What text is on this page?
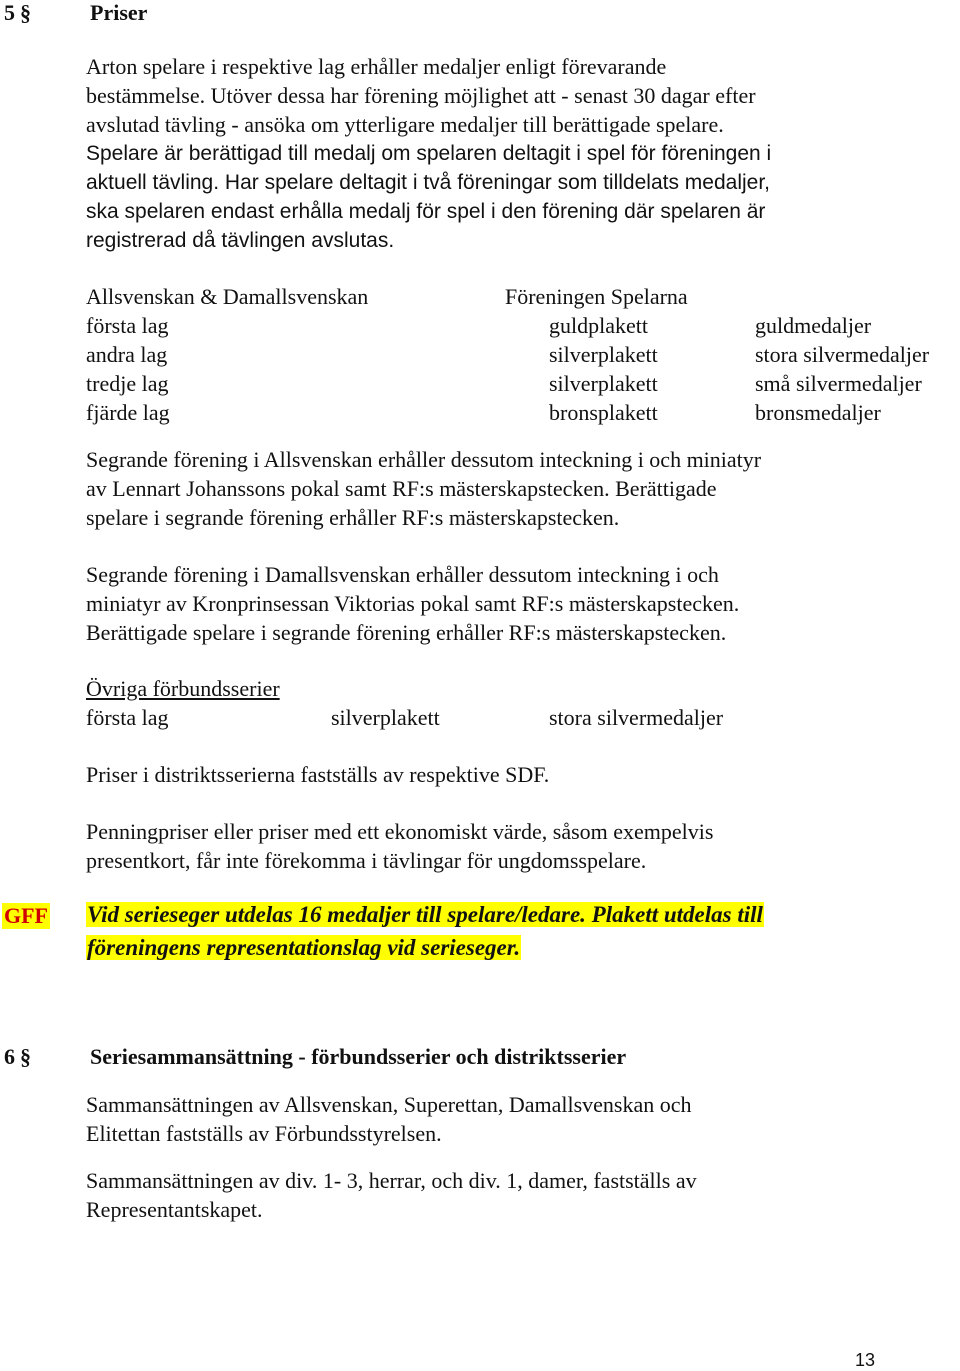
5 §	Priser
Arton spelare i respektive lag erhåller medaljer enligt förevarande
bestämmelse. Utöver dessa har förening möjlighet att - senast 30 dagar efter
avslutad tävling - ansöka om ytterligare medaljer till berättigade spelare.
Spelare är berättigad till medalj om spelaren deltagit i spel för föreningen i
aktuell tävling. Har spelare deltagit i två föreningar som tilldelats medaljer,
ska spelaren endast erhålla medalj för spel i den förening där spelaren är
registrerad då tävlingen avslutas.
Allsvenskan & Damallsvenskan	Föreningen Spelarna
första lag	guldplakett	guldmedaljer
andra lag	silverplakett	stora silvermedaljer
tredje lag	silverplakett	små silvermedaljer
fjärde lag	bronsplakett	bronsmedaljer
Segrande förening i Allsvenskan erhåller dessutom inteckning i och miniatyr
av Lennart Johanssons pokal samt RF:s mästerskapstecken. Berättigade
spelare i segrande förening erhåller RF:s mästerskapstecken.
Segrande förening i Damallsvenskan erhåller dessutom inteckning i och
miniatyr av Kronprinsessan Viktorias pokal samt RF:s mästerskapstecken.
Berättigade spelare i segrande förening erhåller RF:s mästerskapstecken.
Övriga förbundsserier
första lag	silverplakett	stora silvermedaljer
Priser i distriktsserierna fastställs av respektive SDF.
Penningpriser eller priser med ett ekonomiskt värde, såsom exempelvis
presentkort, får inte förekomma i tävlingar för ungdomsspelare.
GFF Vid serieseger utdelas 16 medaljer till spelare/ledare. Plakett utdelas till
föreningens representationslag vid serieseger.
6 §	Seriesammansättning - förbundsserier och distriktsserier
Sammansättningen av Allsvenskan, Superettan, Damallsvenskan och
Elitettan fastställs av Förbundsstyrelsen.
Sammansättningen av div. 1- 3, herrar, och div. 1, damer, fastställs av
Representantskapet.
13
